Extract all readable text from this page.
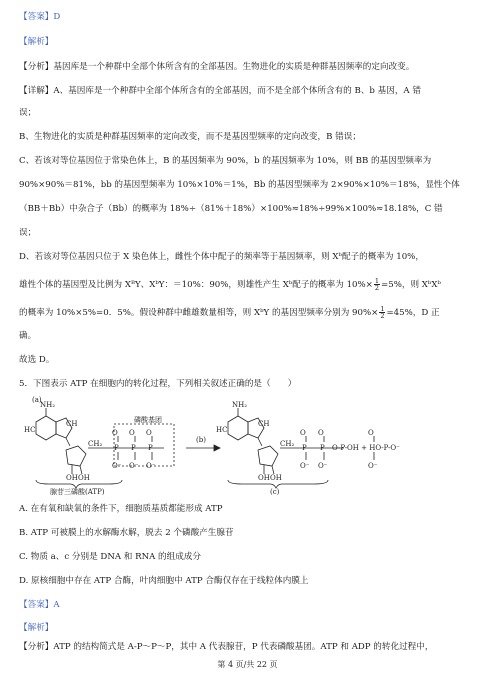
【答案】D
【解析】
【分析】基因库是一个种群中全部个体所含有的全部基因。生物进化的实质是种群基因频率的定向改变。
【详解】A、基因库是一个种群中全部个体所含有的全部基因，而不是全部个体所含有的 B、b 基因，A 错
误；
B、生物进化的实质是种群基因频率的定向改变，而不是基因型频率的定向改变，B 错误；
C、若该对等位基因位于常染色体上，B 的基因频率为 90%，b 的基因频率为 10%，则 BB 的基因型频率为
90%×90%＝81%，bb 的基因型频率为 10%×10%＝1%，Bb 的基因型频率为 2×90%×10%＝18%，显性个体
（BB＋Bb）中杂合子（Bb）的概率为 18%÷（81%＋18%）×100%≈18%÷99%×100%≈18.18%，C 错
误；
D、若该对等位基因只位于 X 染色体上，雌性个体中配子的频率等于基因频率，则 Xᵇ配子的概率为 10%，
雄性个体的基因型及比例为 XᴮY、XᵇY：＝10%：90%，则雄性产生 Xᵇ配子的概率为 $10\%\times \frac{1}{2} =5\%$，则 XᵇXᵇ
的概率为 10%×5%=0．5%。假设种群中雌雄数量相等，则 XᵇY 的基因型频率分别为 $90\%\times \frac{1}{2} =45\%$，D 正
确。
故选 D。
5．下图表示 ATP 在细胞内的转化过程，下列相关叙述正确的是（　　）
(a)
NH₂
HC
CH
CH₂
O O O
P P P
O⁻ O⁻ O⁻
磷酸基团
OH OH
腺苷三磷酸(ATP)
(b)
NH₂
HC
CH
CH₂
O O
P P
O⁻ O⁻
O-P-OH + HO-P-O⁻
O
O⁻
OH OH
(c)
A. 在有氧和缺氧的条件下，细胞质基质都能形成 ATP
B. ATP 可被膜上的水解酶水解，脱去 2 个磷酸产生腺苷
C. 物质 a、c 分别是 DNA 和 RNA 的组成成分
D. 原核细胞中存在 ATP 合酶，叶肉细胞中 ATP 合酶仅存在于线粒体内膜上
【答案】A
【解析】
【分析】ATP 的结构简式是 A-P～P～P，其中 A 代表腺苷，P 代表磷酸基团。ATP 和 ADP 的转化过程中，
第 4 页/共 22 页
